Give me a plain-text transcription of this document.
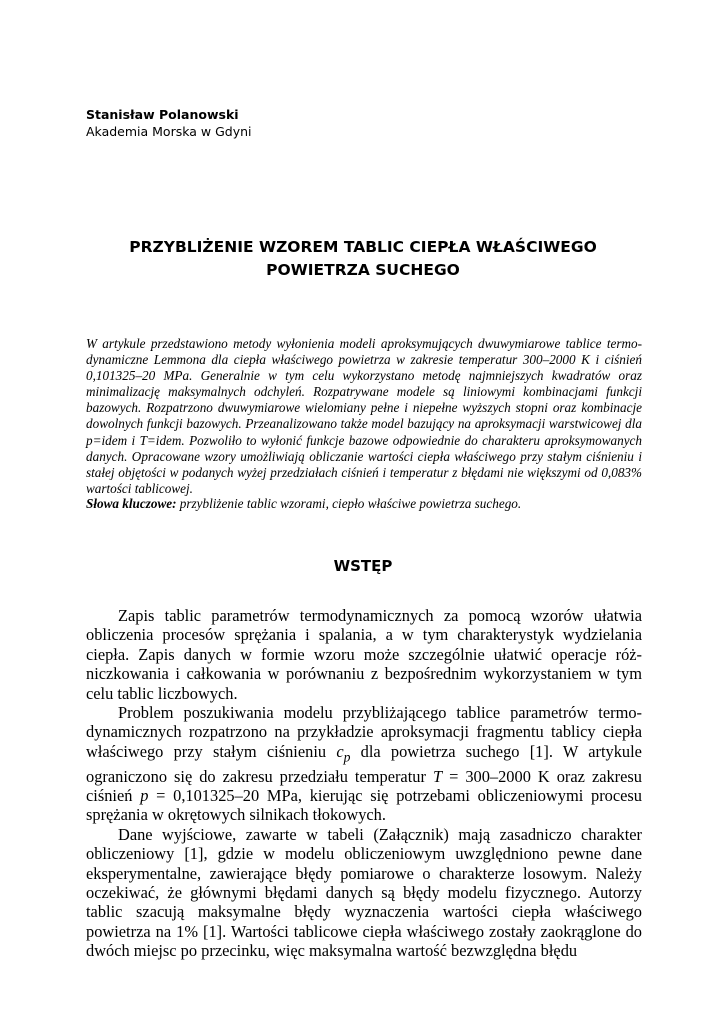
Stanisław Polanowski
Akademia Morska w Gdyni
PRZYBLIŻENIE WZOREM TABLIC CIEPŁA WŁAŚCIWEGO
POWIETRZA SUCHEGO

W artykule przedstawiono metody wyłonienia modeli aproksymujących dwuwymiarowe tablice termo-dynamiczne Lemmona dla ciepła właściwego powietrza w zakresie temperatur 300–2000 K i ciśnień 0,101325–20 MPa. Generalnie w tym celu wykorzystano metodę najmniejszych kwadratów oraz minimalizację maksymalnych odchyleń. Rozpatrywane modele są liniowymi kombinacjami funkcji bazowych. Rozpatrzono dwuwymiarowe wielomiany pełne i niepełne wyższych stopni oraz kombinacje dowolnych funkcji bazowych. Przeanalizowano także model bazujący na aproksymacji warstwicowej dla p=idem i T=idem. Pozwoliło to wyłonić funkcje bazowe odpowiednie do charakteru aproksymowanych danych. Opracowane wzory umożliwiają obliczanie wartości ciepła właściwego przy stałym ciśnieniu i stałej objętości w podanych wyżej przedziałach ciśnień i temperatur z błędami nie większymi od 0,083% wartości tablicowej.

Słowa kluczowe: przybliżenie tablic wzorami, ciepło właściwe powietrza suchego.
WSTĘP

Zapis tablic parametrów termodynamicznych za pomocą wzorów ułatwia obliczenia procesów sprężania i spalania, a w tym charakterystyk wydzielania ciepła. Zapis danych w formie wzoru może szczególnie ułatwić operacje róż-niczkowania i całkowania w porównaniu z bezpośrednim wykorzystaniem w tym celu tablic liczbowych.

Problem poszukiwania modelu przybliżającego tablice parametrów termo-dynamicznych rozpatrzono na przykładzie aproksymacji fragmentu tablicy ciepła właściwego przy stałym ciśnieniu $c_p$ dla powietrza suchego [1]. W artykule ograniczono się do zakresu przedziału temperatur T = 300–2000 K oraz zakresu ciśnień p = 0,101325–20 MPa, kierując się potrzebami obliczeniowymi procesu sprężania w okrętowych silnikach tłokowych.

Dane wyjściowe, zawarte w tabeli (Załącznik) mają zasadniczo charakter obliczeniowy [1], gdzie w modelu obliczeniowym uwzględniono pewne dane eksperymentalne, zawierające błędy pomiarowe o charakterze losowym. Należy oczekiwać, że głównymi błędami danych są błędy modelu fizycznego. Autorzy tablic szacują maksymalne błędy wyznaczenia wartości ciepła właściwego powietrza na 1% [1]. Wartości tablicowe ciepła właściwego zostały zaokrąglone do dwóch miejsc po przecinku, więc maksymalna wartość bezwzględna błędu
